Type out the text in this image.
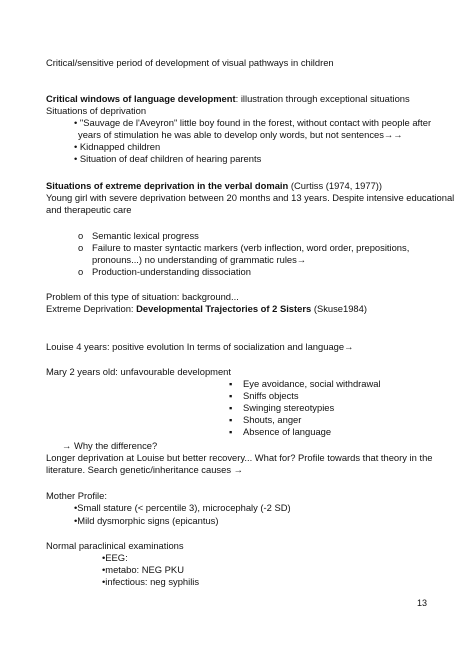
Critical/sensitive period of development of visual pathways in children
Critical windows of language development: illustration through exceptional situations
Situations of deprivation
• "Sauvage de l'Aveyron" little boy found in the forest, without contact with people after
years of stimulation he was able to develop only words, but not sentences→→
• Kidnapped children
• Situation of deaf children of hearing parents
Situations of extreme deprivation in the verbal domain (Curtiss (1974, 1977))
Young girl with severe deprivation between 20 months and 13 years. Despite intensive educational
and therapeutic care
o Semantic lexical progress
o Failure to master syntactic markers (verb inflection, word order, prepositions,
pronouns...) no understanding of grammatic rules→
o Production-understanding dissociation
Problem of this type of situation: background...
Extreme Deprivation: Developmental Trajectories of 2 Sisters (Skuse1984)
Louise 4 years: positive evolution In terms of socialization and language→
Mary 2 years old: unfavourable development
▪ Eye avoidance, social withdrawal
▪ Sniffs objects
▪ Swinging stereotypies
▪ Shouts, anger
▪ Absence of language
→ Why the difference?
Longer deprivation at Louise but better recovery... What for? Profile towards that theory in the
literature. Search genetic/inheritance causes →
Mother Profile:
•Small stature (< percentile 3), microcephaly (-2 SD)
•Mild dysmorphic signs (epicantus)
Normal paraclinical examinations
•EEG:
•metabo: NEG PKU
•infectious: neg syphilis
13
